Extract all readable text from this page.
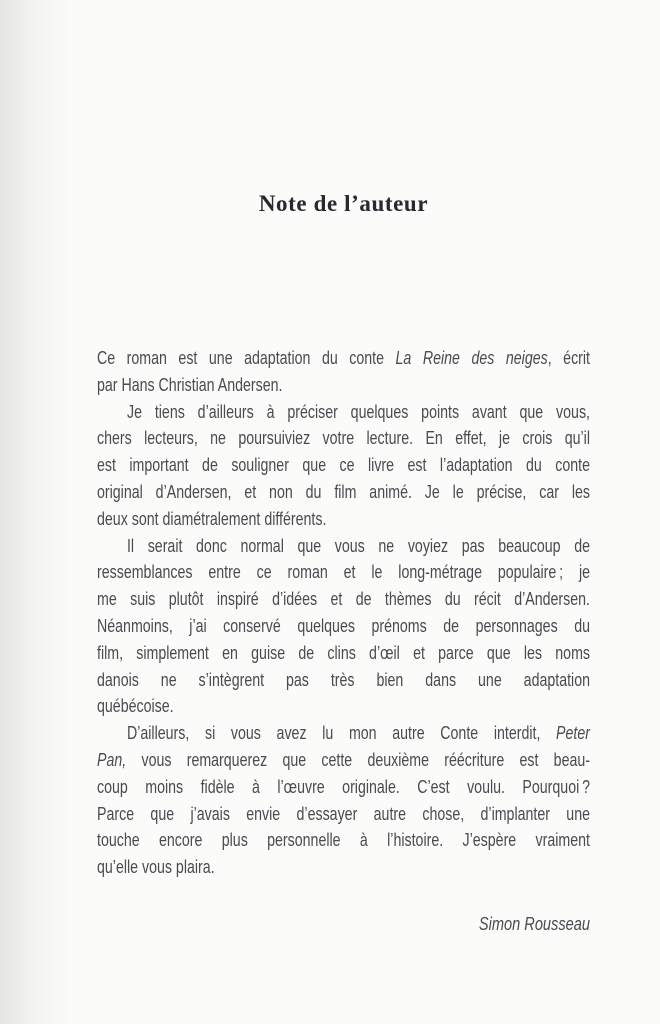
Note de l’auteur
Ce roman est une adaptation du conte La Reine des neiges, écrit
par Hans Christian Andersen.
Je tiens d’ailleurs à préciser quelques points avant que vous,
chers lecteurs, ne poursuiviez votre lecture. En effet, je crois qu’il
est important de souligner que ce livre est l’adaptation du conte
original d’Andersen, et non du film animé. Je le précise, car les
deux sont diamétralement différents.
Il serait donc normal que vous ne voyiez pas beaucoup de
ressemblances entre ce roman et le long-métrage populaire ; je
me suis plutôt inspiré d’idées et de thèmes du récit d’Andersen.
Néanmoins, j’ai conservé quelques prénoms de personnages du
film, simplement en guise de clins d’œil et parce que les noms
danois ne s’intègrent pas très bien dans une adaptation
québécoise.
D’ailleurs, si vous avez lu mon autre Conte interdit, Peter
Pan, vous remarquerez que cette deuxième réécriture est beau-
coup moins fidèle à l’œuvre originale. C’est voulu. Pourquoi ?
Parce que j’avais envie d’essayer autre chose, d’implanter une
touche encore plus personnelle à l’histoire. J’espère vraiment
qu’elle vous plaira.
Simon Rousseau
